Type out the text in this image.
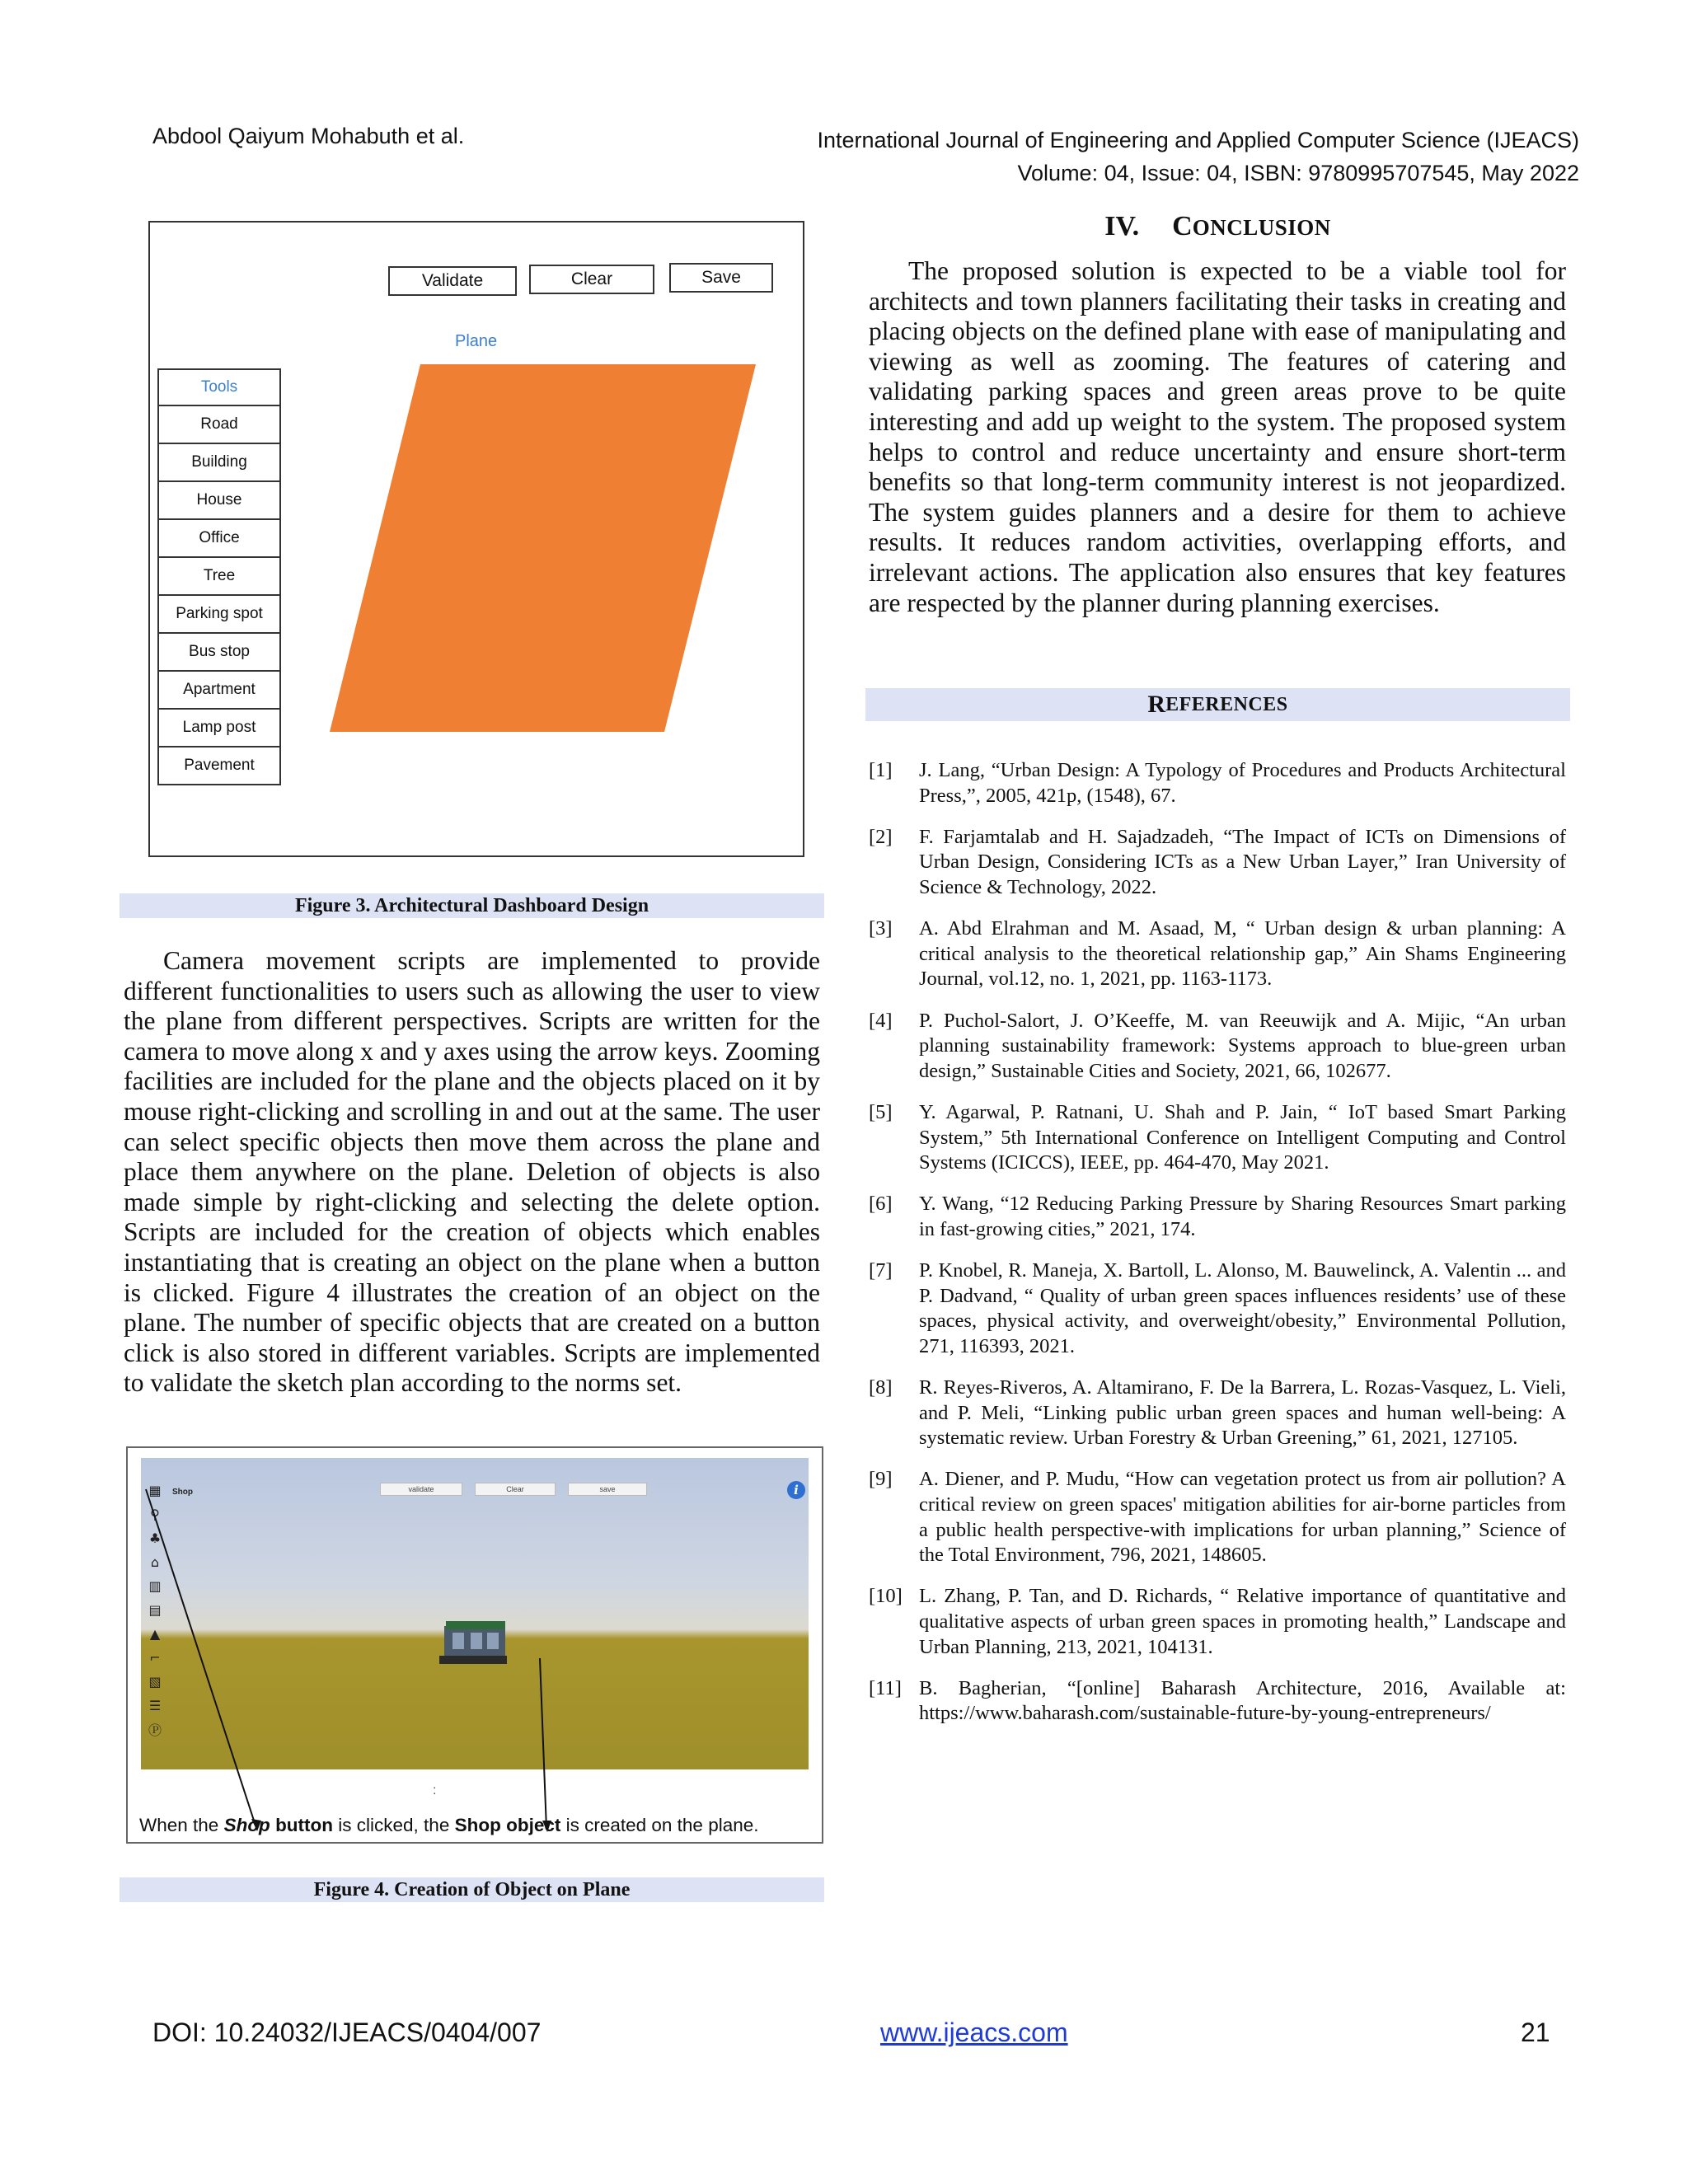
Abdool Qaiyum Mohabuth et al.	International Journal of Engineering and Applied Computer Science (IJEACS)
Volume: 04, Issue: 04, ISBN: 9780995707545, May 2022
Validate	Clear	Save
Plane
Tools
Road
Building
House
Office
Tree
Parking spot
Bus stop
Apartment
Lamp post
Pavement
Figure 3. Architectural Dashboard Design
Camera movement scripts are implemented to provide different functionalities to users such as allowing the user to view the plane from different perspectives. Scripts are written for the camera to move along x and y axes using the arrow keys. Zooming facilities are included for the plane and the objects placed on it by mouse right-clicking and scrolling in and out at the same. The user can select specific objects then move them across the plane and place them anywhere on the plane. Deletion of objects is also made simple by right-clicking and selecting the delete option. Scripts are included for the creation of objects which enables instantiating that is creating an object on the plane when a button is clicked. Figure 4 illustrates the creation of an object on the plane. The number of specific objects that are created on a button click is also stored in different variables. Scripts are implemented to validate the sketch plan according to the norms set.
validate	Clear	save
Shop	i
▦
⚲
♣
⌂
▥
▤
▲
⌐
▧
☰
Ⓟ
:
When the Shop button is clicked, the Shop object is created on the plane.
Figure 4. Creation of Object on Plane
IV. CONCLUSION
The proposed solution is expected to be a viable tool for architects and town planners facilitating their tasks in creating and placing objects on the defined plane with ease of manipulating and viewing as well as zooming. The features of catering and validating parking spaces and green areas prove to be quite interesting and add up weight to the system. The proposed system helps to control and reduce uncertainty and ensure short-term benefits so that long-term community interest is not jeopardized. The system guides planners and a desire for them to achieve results. It reduces random activities, overlapping efforts, and irrelevant actions. The application also ensures that key features are respected by the planner during planning exercises.
R EFERENCES
[1] J. Lang, “Urban Design: A Typology of Procedures and Products Architectural Press,”, 2005, 421p, (1548), 67.
[2] F. Farjamtalab and H. Sajadzadeh, “The Impact of ICTs on Dimensions of Urban Design, Considering ICTs as a New Urban Layer,” Iran University of Science & Technology, 2022.
[3] A. Abd Elrahman and M. Asaad, M, “ Urban design & urban planning: A critical analysis to the theoretical relationship gap,” Ain Shams Engineering Journal, vol.12, no. 1, 2021, pp. 1163-1173.
[4] P. Puchol-Salort, J. O’Keeffe, M. van Reeuwijk and A. Mijic, “An urban planning sustainability framework: Systems approach to blue-green urban design,” Sustainable Cities and Society, 2021, 66, 102677.
[5] Y. Agarwal, P. Ratnani, U. Shah and P. Jain, “ IoT based Smart Parking System,” 5th International Conference on Intelligent Computing and Control Systems (ICICCS), IEEE, pp. 464-470, May 2021.
[6] Y. Wang, “12 Reducing Parking Pressure by Sharing Resources Smart parking in fast-growing cities,” 2021, 174.
[7] P. Knobel, R. Maneja, X. Bartoll, L. Alonso, M. Bauwelinck, A. Valentin ... and P. Dadvand, “ Quality of urban green spaces influences residents’ use of these spaces, physical activity, and overweight/obesity,” Environmental Pollution, 271, 116393, 2021.
[8] R. Reyes-Riveros, A. Altamirano, F. De la Barrera, L. Rozas-Vasquez, L. Vieli, and P. Meli, “Linking public urban green spaces and human well-being: A systematic review. Urban Forestry & Urban Greening,” 61, 2021, 127105.
[9] A. Diener, and P. Mudu, “How can vegetation protect us from air pollution? A critical review on green spaces' mitigation abilities for air-borne particles from a public health perspective-with implications for urban planning,” Science of the Total Environment, 796, 2021, 148605.
[10] L. Zhang, P. Tan, and D. Richards, “ Relative importance of quantitative and qualitative aspects of urban green spaces in promoting health,” Landscape and Urban Planning, 213, 2021, 104131.
[11] B. Bagherian, “[online] Baharash Architecture, 2016, Available at: https://www.baharash.com/sustainable-future-by-young-entrepreneurs/
DOI: 10.24032/IJEACS/0404/007	www.ijeacs.com	21
